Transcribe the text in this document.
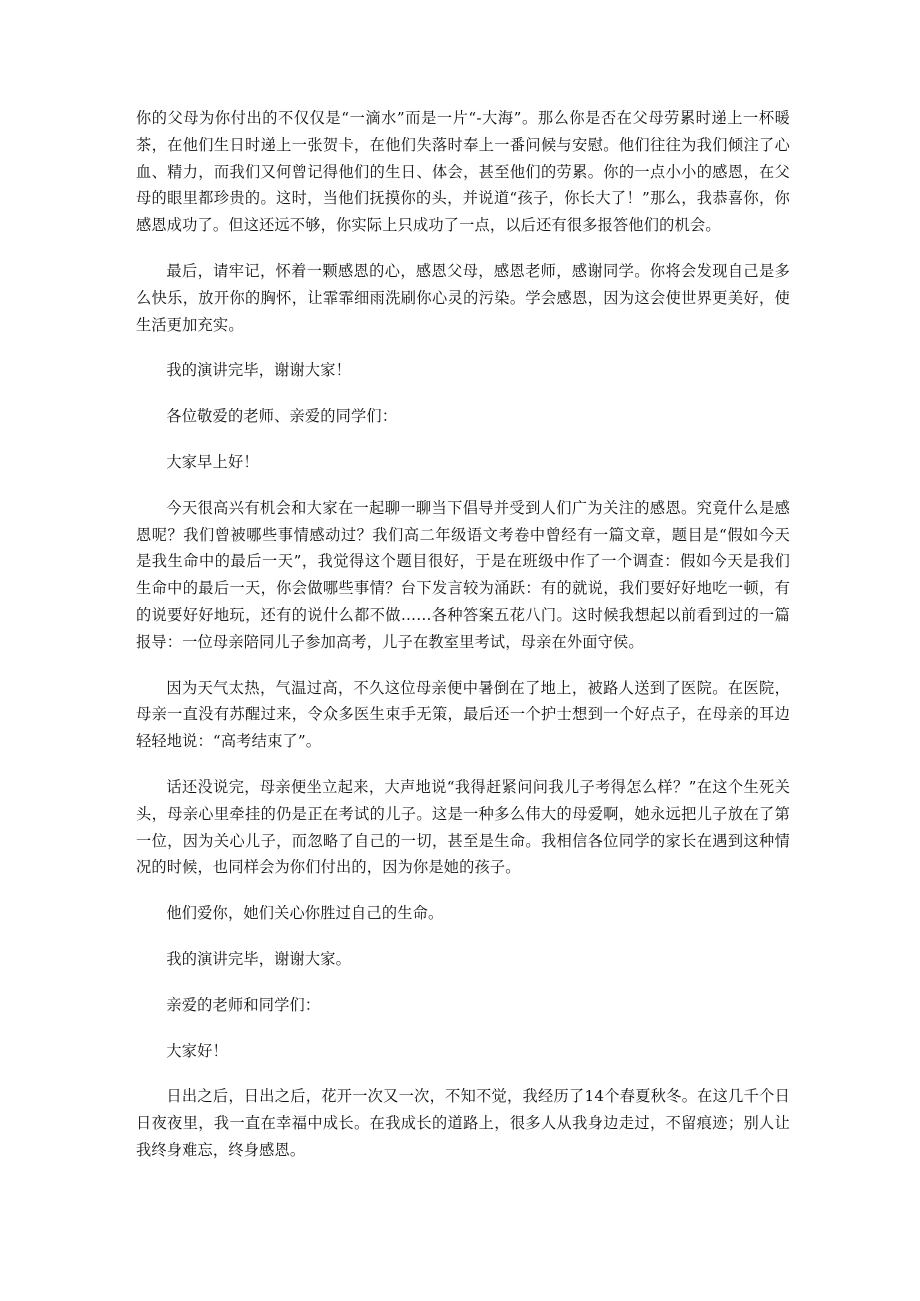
你的父母为你付出的不仅仅是“一滴水”而是一片“-大海”。那么你是否在父母劳累时递上一杯暖茶，在他们生日时递上一张贺卡，在他们失落时奉上一番问候与安慰。他们往往为我们倾注了心血、精力，而我们又何曾记得他们的生日、体会，甚至他们的劳累。你的一点小小的感恩，在父母的眼里都珍贵的。这时，当他们抚摸你的头，并说道“孩子，你长大了！”那么，我恭喜你，你感恩成功了。但这还远不够，你实际上只成功了一点，以后还有很多报答他们的机会。

最后，请牢记，怀着一颗感恩的心，感恩父母，感恩老师，感谢同学。你将会发现自己是多么快乐，放开你的胸怀，让霏霏细雨洗刷你心灵的污染。学会感恩，因为这会使世界更美好，使生活更加充实。

我的演讲完毕，谢谢大家！

各位敬爱的老师、亲爱的同学们：

大家早上好！

今天很高兴有机会和大家在一起聊一聊当下倡导并受到人们广为关注的感恩。究竟什么是感恩呢？我们曾被哪些事情感动过？我们高二年级语文考卷中曾经有一篇文章，题目是“假如今天是我生命中的最后一天”，我觉得这个题目很好，于是在班级中作了一个调查：假如今天是我们生命中的最后一天，你会做哪些事情？台下发言较为涌跃：有的就说，我们要好好地吃一顿，有的说要好好地玩，还有的说什么都不做……各种答案五花八门。这时候我想起以前看到过的一篇报导：一位母亲陪同儿子参加高考，儿子在教室里考试，母亲在外面守侯。

因为天气太热，气温过高，不久这位母亲便中暑倒在了地上，被路人送到了医院。在医院，母亲一直没有苏醒过来，令众多医生束手无策，最后还一个护士想到一个好点子，在母亲的耳边轻轻地说：“高考结束了”。

话还没说完，母亲便坐立起来，大声地说“我得赶紧问问我儿子考得怎么样？”在这个生死关头，母亲心里牵挂的仍是正在考试的儿子。这是一种多么伟大的母爱啊，她永远把儿子放在了第一位，因为关心儿子，而忽略了自己的一切，甚至是生命。我相信各位同学的家长在遇到这种情况的时候，也同样会为你们付出的，因为你是她的孩子。

他们爱你，她们关心你胜过自己的生命。

我的演讲完毕，谢谢大家。

亲爱的老师和同学们：

大家好！

日出之后，日出之后，花开一次又一次，不知不觉，我经历了14个春夏秋冬。在这几千个日日夜夜里，我一直在幸福中成长。在我成长的道路上，很多人从我身边走过，不留痕迹；别人让我终身难忘，终身感恩。
